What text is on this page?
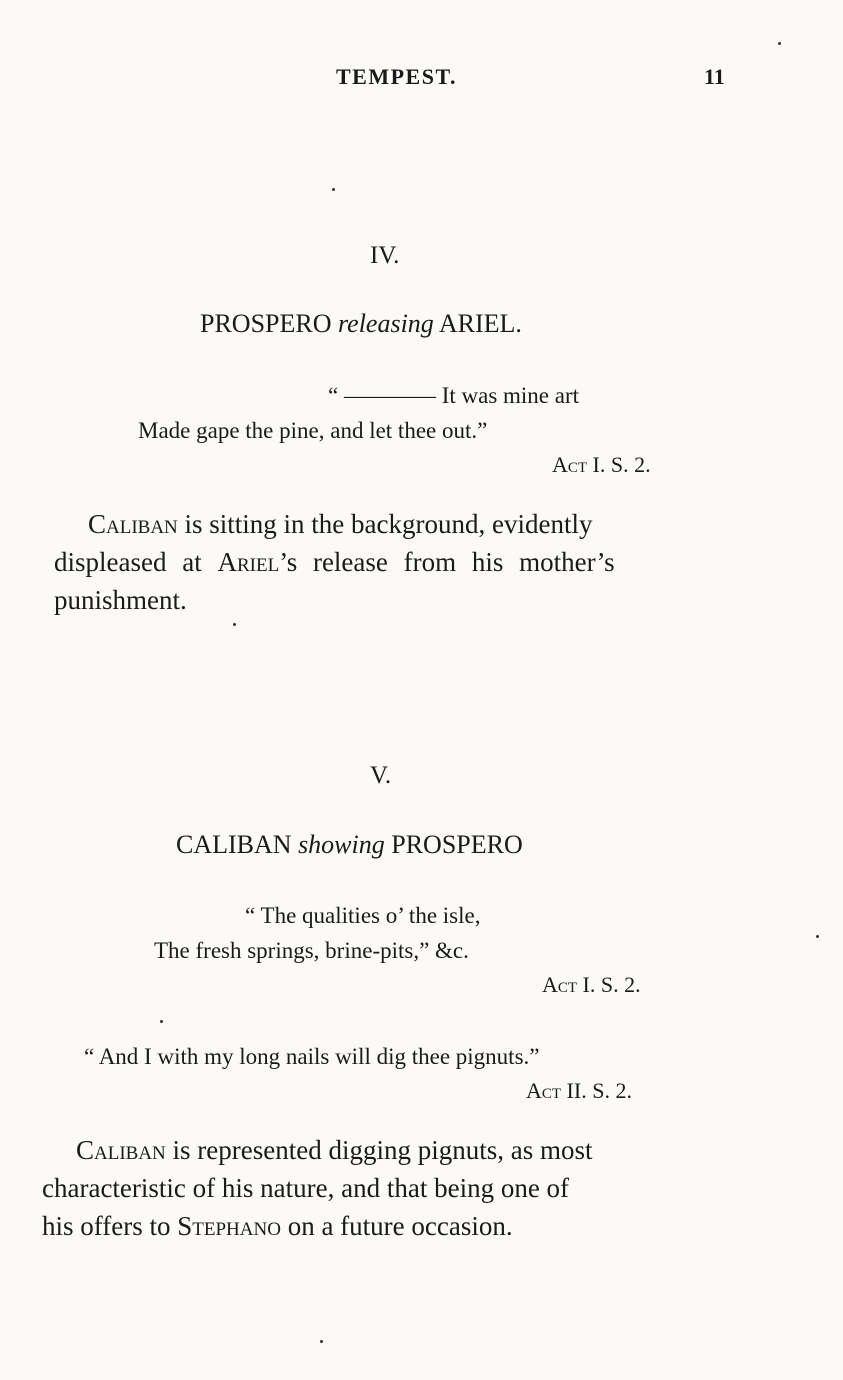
TEMPEST.	11
IV.
PROSPERO releasing ARIEL.
“ ———— It was mine art
Made gape the pine, and let thee out.”
Act I. S. 2.
Caliban is sitting in the background, evidently
displeased at Ariel’s release from his mother’s
punishment.
V.
CALIBAN showing PROSPERO
“ The qualities o’ the isle,
The fresh springs, brine-pits,” &c.
Act I. S. 2.
“ And I with my long nails will dig thee pignuts.”
Act II. S. 2.
Caliban is represented digging pignuts, as most
characteristic of his nature, and that being one of
his offers to Stephano on a future occasion.
